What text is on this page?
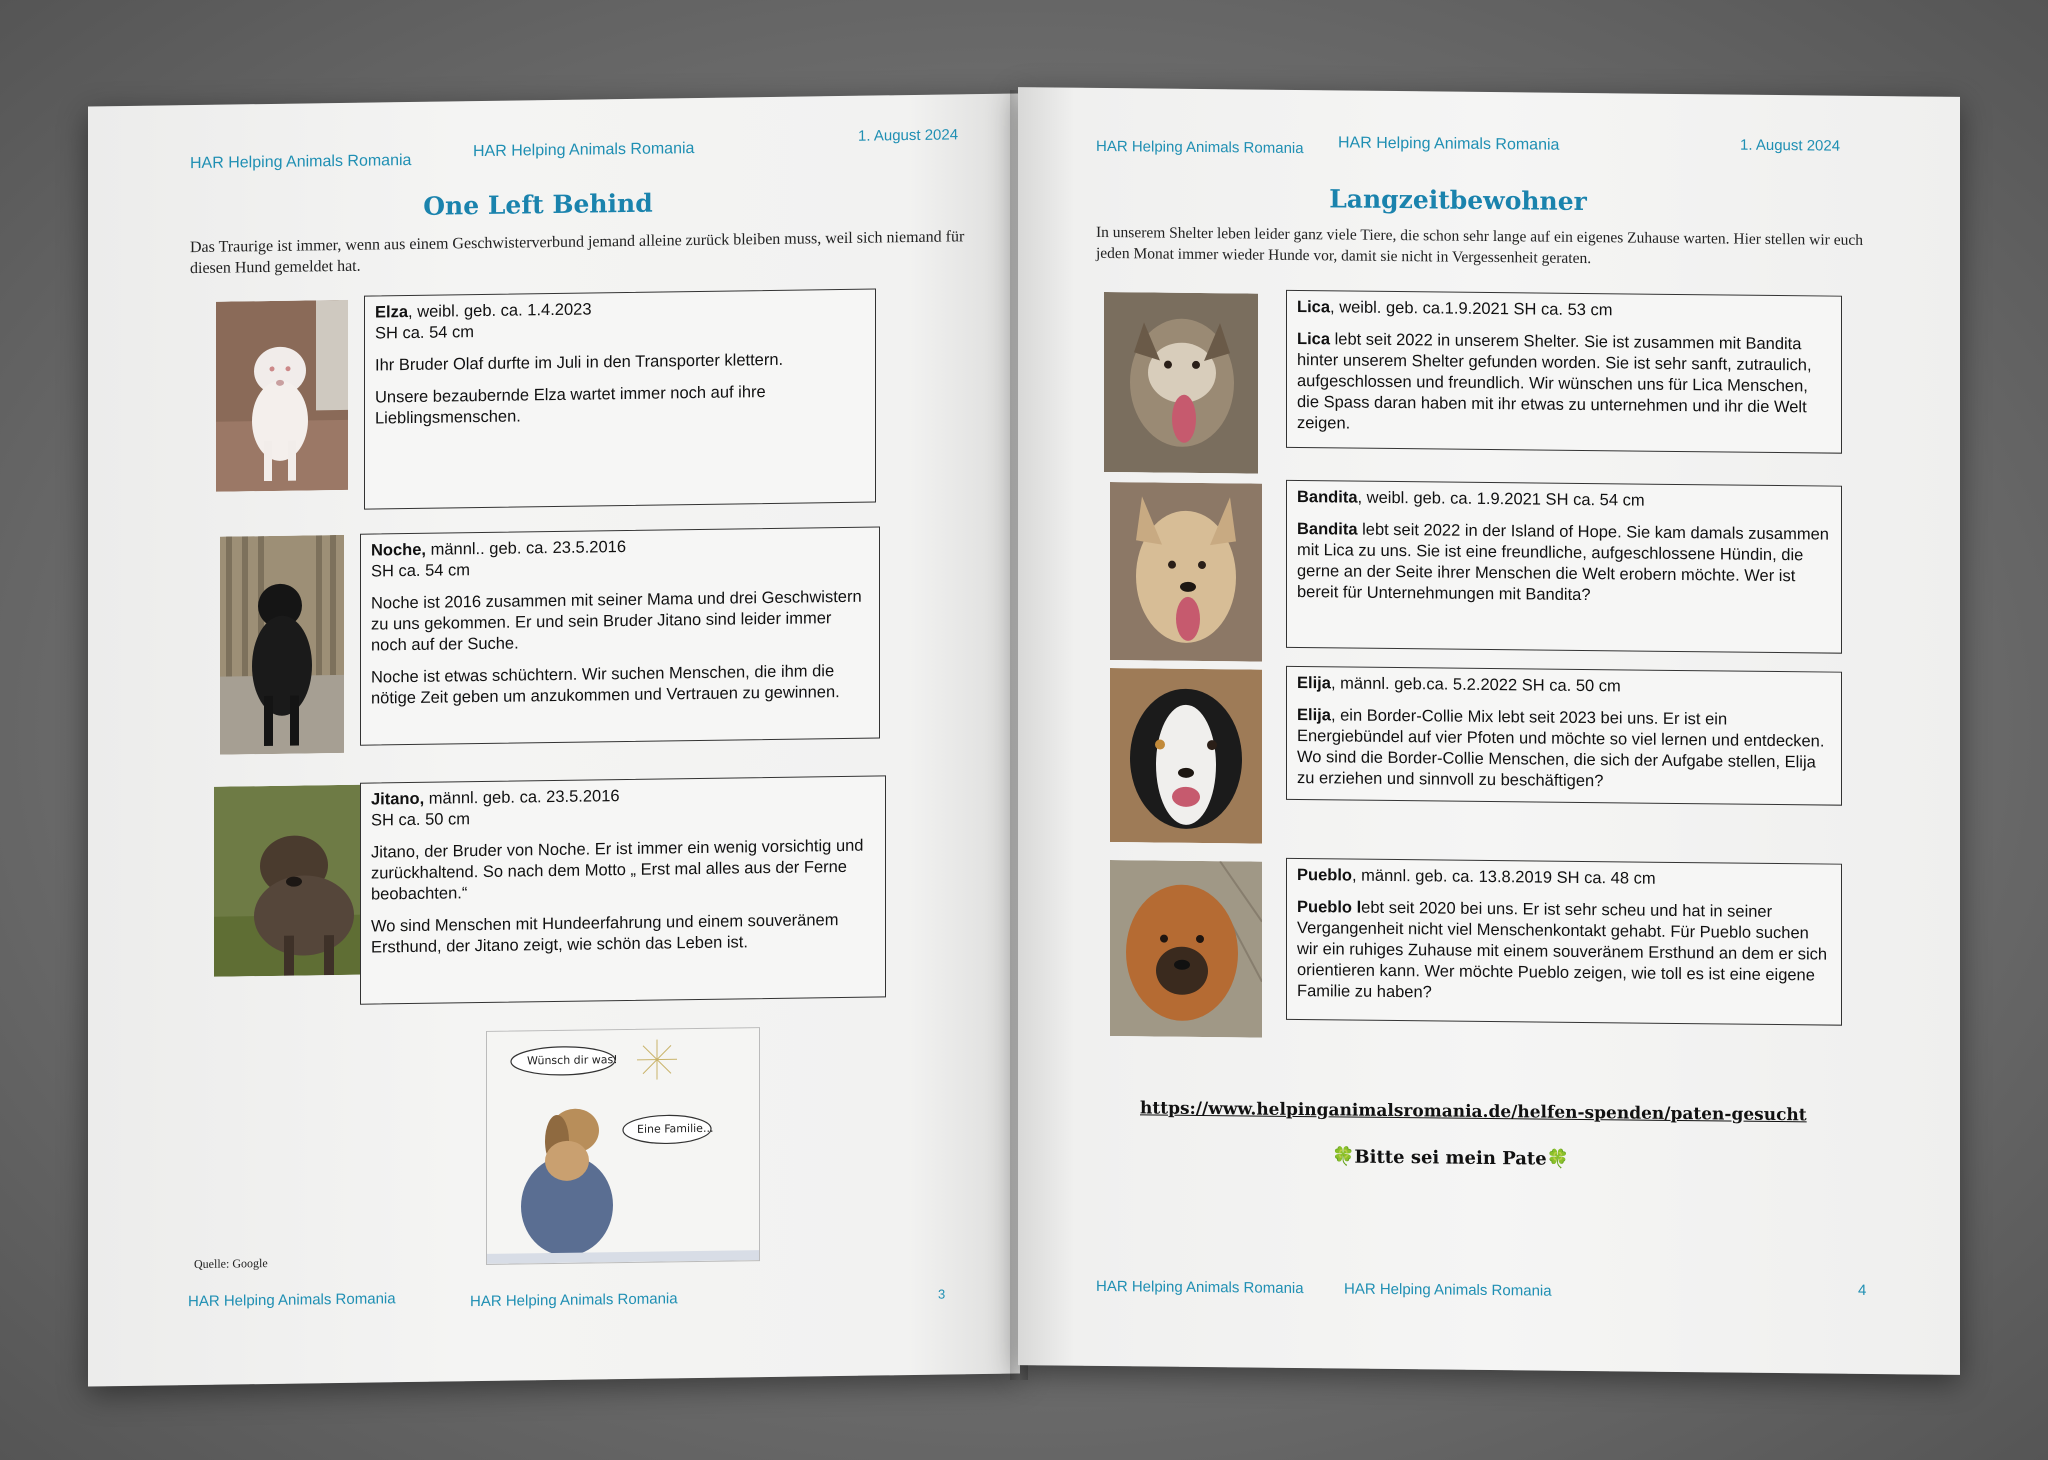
HAR Helping Animals Romania
HAR Helping Animals Romania
1. August 2024
One Left Behind
Das Traurige ist immer, wenn aus einem Geschwisterverbund jemand alleine zurück bleiben muss, weil sich niemand für diesen Hund gemeldet hat.

Elza, weibl. geb. ca. 1.4.2023

SH ca. 54 cm

Ihr Bruder Olaf durfte im Juli in den Transporter klettern.

Unsere bezaubernde Elza wartet immer noch auf ihre Lieblingsmenschen.

Noche, männl.. geb. ca. 23.5.2016

SH ca. 54 cm

Noche ist 2016 zusammen mit seiner Mama und drei Geschwistern zu uns gekommen. Er und sein Bruder Jitano sind leider immer noch auf der Suche.

Noche ist etwas schüchtern. Wir suchen Menschen, die ihm die nötige Zeit geben um anzukommen und Vertrauen zu gewinnen.

Jitano, männl. geb. ca. 23.5.2016

SH ca. 50 cm

Jitano, der Bruder von Noche. Er ist immer ein wenig vorsichtig und zurückhaltend. So nach dem Motto „ Erst mal alles aus der Ferne beobachten.“

Wo sind Menschen mit Hundeerfahrung und einem souveränem Ersthund, der Jitano zeigt, wie schön das Leben ist.

Wünsch dir was!
Eine Familie...
Quelle: Google
HAR Helping Animals Romania	HAR Helping Animals Romania	3
HAR Helping Animals Romania HAR Helping Animals Romania	1. August 2024
Langzeitbewohner
In unserem Shelter leben leider ganz viele Tiere, die schon sehr lange auf ein eigenes Zuhause warten. Hier stellen wir euch jeden Monat immer wieder Hunde vor, damit sie nicht in Vergessenheit geraten.

Lica, weibl. geb. ca.1.9.2021 SH ca. 53 cm

Lica lebt seit 2022 in unserem Shelter. Sie ist zusammen mit Bandita hinter unserem Shelter gefunden worden. Sie ist sehr sanft, zutraulich, aufgeschlossen und freundlich. Wir wünschen uns für Lica Menschen, die Spass daran haben mit ihr etwas zu unternehmen und ihr die Welt zeigen.

Bandita, weibl. geb. ca. 1.9.2021 SH ca. 54 cm

Bandita lebt seit 2022 in der Island of Hope. Sie kam damals zusammen mit Lica zu uns. Sie ist eine freundliche, aufgeschlossene Hündin, die gerne an der Seite ihrer Menschen die Welt erobern möchte. Wer ist bereit für Unternehmungen mit Bandita?

Elija, männl. geb.ca. 5.2.2022 SH ca. 50 cm

Elija, ein Border-Collie Mix lebt seit 2023 bei uns. Er ist ein Energiebündel auf vier Pfoten und möchte so viel lernen und entdecken. Wo sind die Border-Collie Menschen, die sich der Aufgabe stellen, Elija zu erziehen und sinnvoll zu beschäftigen?

Pueblo, männl. geb. ca. 13.8.2019 SH ca. 48 cm

Pueblo lebt seit 2020 bei uns. Er ist sehr scheu und hat in seiner Vergangenheit nicht viel Menschenkontakt gehabt. Für Pueblo suchen wir ein ruhiges Zuhause mit einem souveränem Ersthund an dem er sich orientieren kann. Wer möchte Pueblo zeigen, wie toll es ist eine eigene Familie zu haben?

https://www.helpinganimalsromania.de/helfen-spenden/paten-gesucht
🍀Bitte sei mein Pate🍀
HAR Helping Animals Romania	HAR Helping Animals Romania	4
